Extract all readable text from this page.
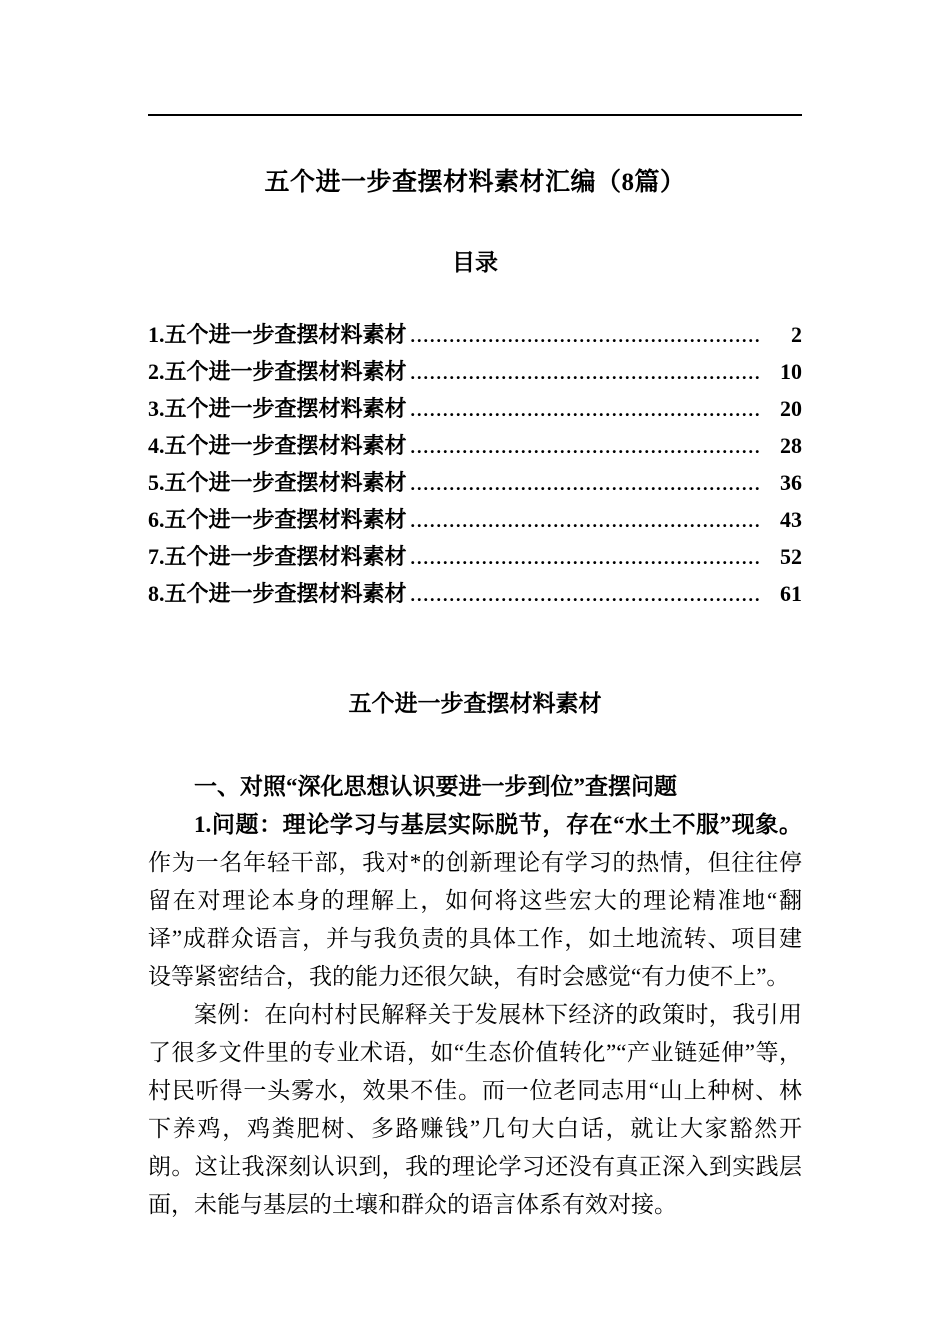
五个进一步查摆材料素材汇编（8篇）
目录
1.五个进一步查摆材料素材 .....	2
2.五个进一步查摆材料素材 .....	10
3.五个进一步查摆材料素材 .....	20
4.五个进一步查摆材料素材 .....	28
5.五个进一步查摆材料素材 .....	36
6.五个进一步查摆材料素材 .....	43
7.五个进一步查摆材料素材 .....	52
8.五个进一步查摆材料素材 .....	61
五个进一步查摆材料素材
一、对照“深化思想认识要进一步到位”查摆问题

1.问题：理论学习与基层实际脱节，存在“水土不服”现象。作为一名年轻干部，我对*的创新理论有学习的热情，但往往停留在对理论本身的理解上，如何将这些宏大的理论精准地“翻译”成群众语言，并与我负责的具体工作，如土地流转、项目建设等紧密结合，我的能力还很欠缺，有时会感觉“有力使不上”。

案例：在向村村民解释关于发展林下经济的政策时，我引用了很多文件里的专业术语，如“生态价值转化”“产业链延伸”等，村民听得一头雾水，效果不佳。而一位老同志用“山上种树、林下养鸡，鸡粪肥树、多路赚钱”几句大白话，就让大家豁然开朗。这让我深刻认识到，我的理论学习还没有真正深入到实践层面，未能与基层的土壤和群众的语言体系有效对接。
